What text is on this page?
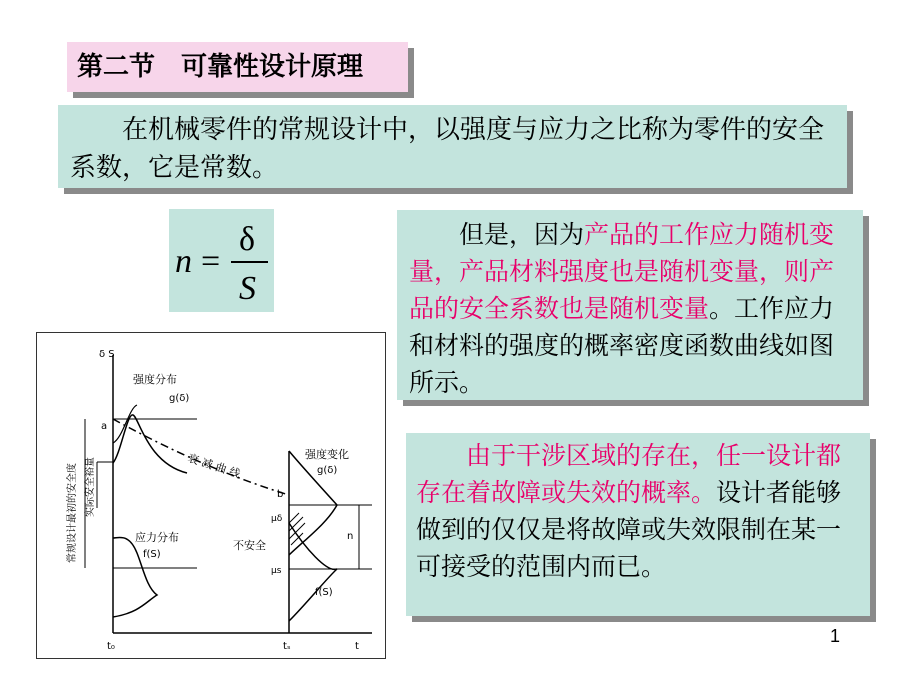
第二节　可靠性设计原理
在机械零件的常规设计中，以强度与应力之比称为零件的安全系数，它是常数。
n =
δ
S
但是，因为产品的工作应力随机变量，产品材料强度也是随机变量，则产品的安全系数也是随机变量。工作应力和材料的强度的概率密度函数曲线如图所示。
由于干涉区域的存在，任一设计都存在着故障或失效的概率。设计者能够做到的仅仅是将故障或失效限制在某一可接受的范围内而已。
δ S
t₀	tₛ	t
强度分布
g(δ)
衰 减 曲 线	强度变化
g(δ)
应力分布
f(S)
不安全
f(S)
a
b
μδ
μs
n
常规设计最初的安全度 实际安全裕量
1
